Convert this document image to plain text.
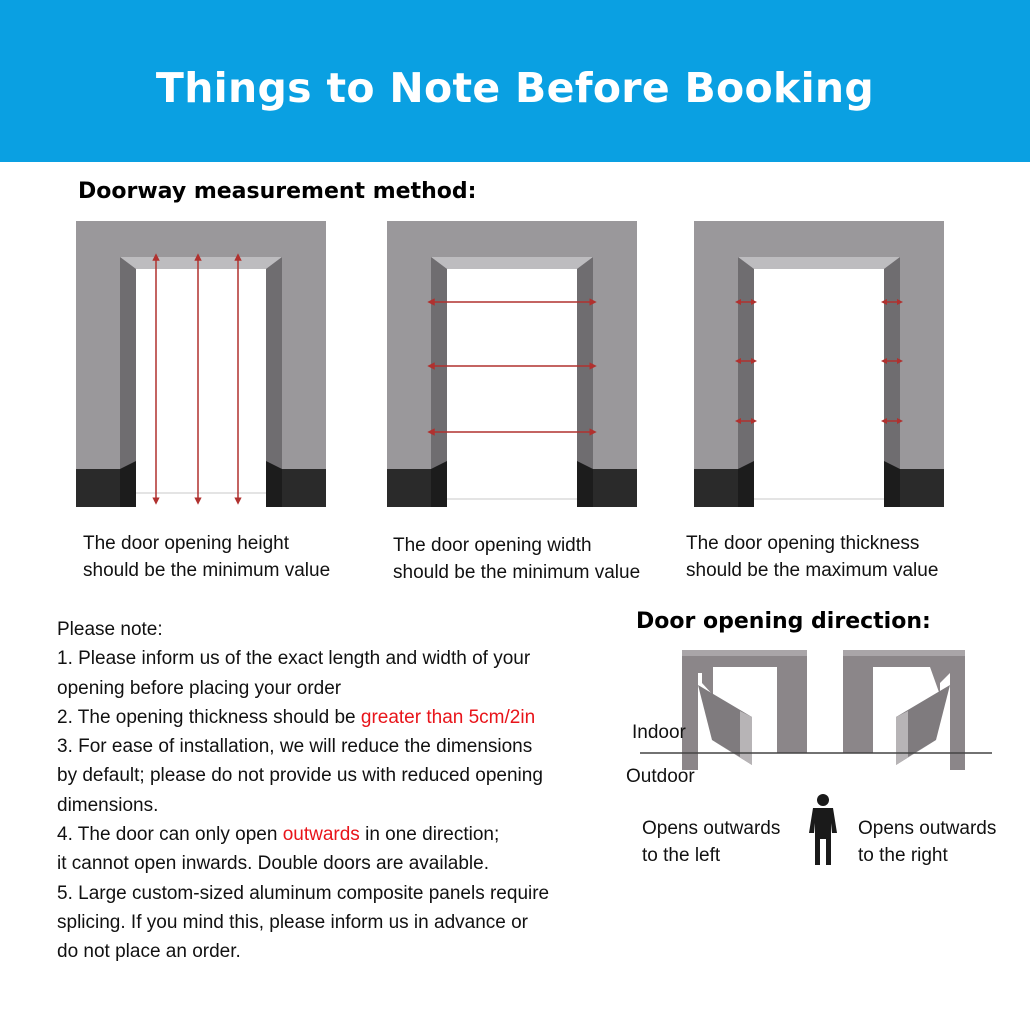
Things to Note Before Booking
Doorway measurement method:
The door opening height
should be the minimum value
The door opening width
should be the minimum value
The door opening thickness
should be the maximum value
Please note:
1. Please inform us of the exact length and width of your
opening before placing your order
2. The opening thickness should be greater than 5cm/2in
3. For ease of installation, we will reduce the dimensions
by default; please do not provide us with reduced opening
dimensions.
4. The door can only open outwards in one direction;
it cannot open inwards. Double doors are available.
5. Large custom-sized aluminum composite panels require
splicing. If you mind this, please inform us in advance or
do not place an order.
Door opening direction:
Indoor
Outdoor
Opens outwards
to the left
Opens outwards
to the right
